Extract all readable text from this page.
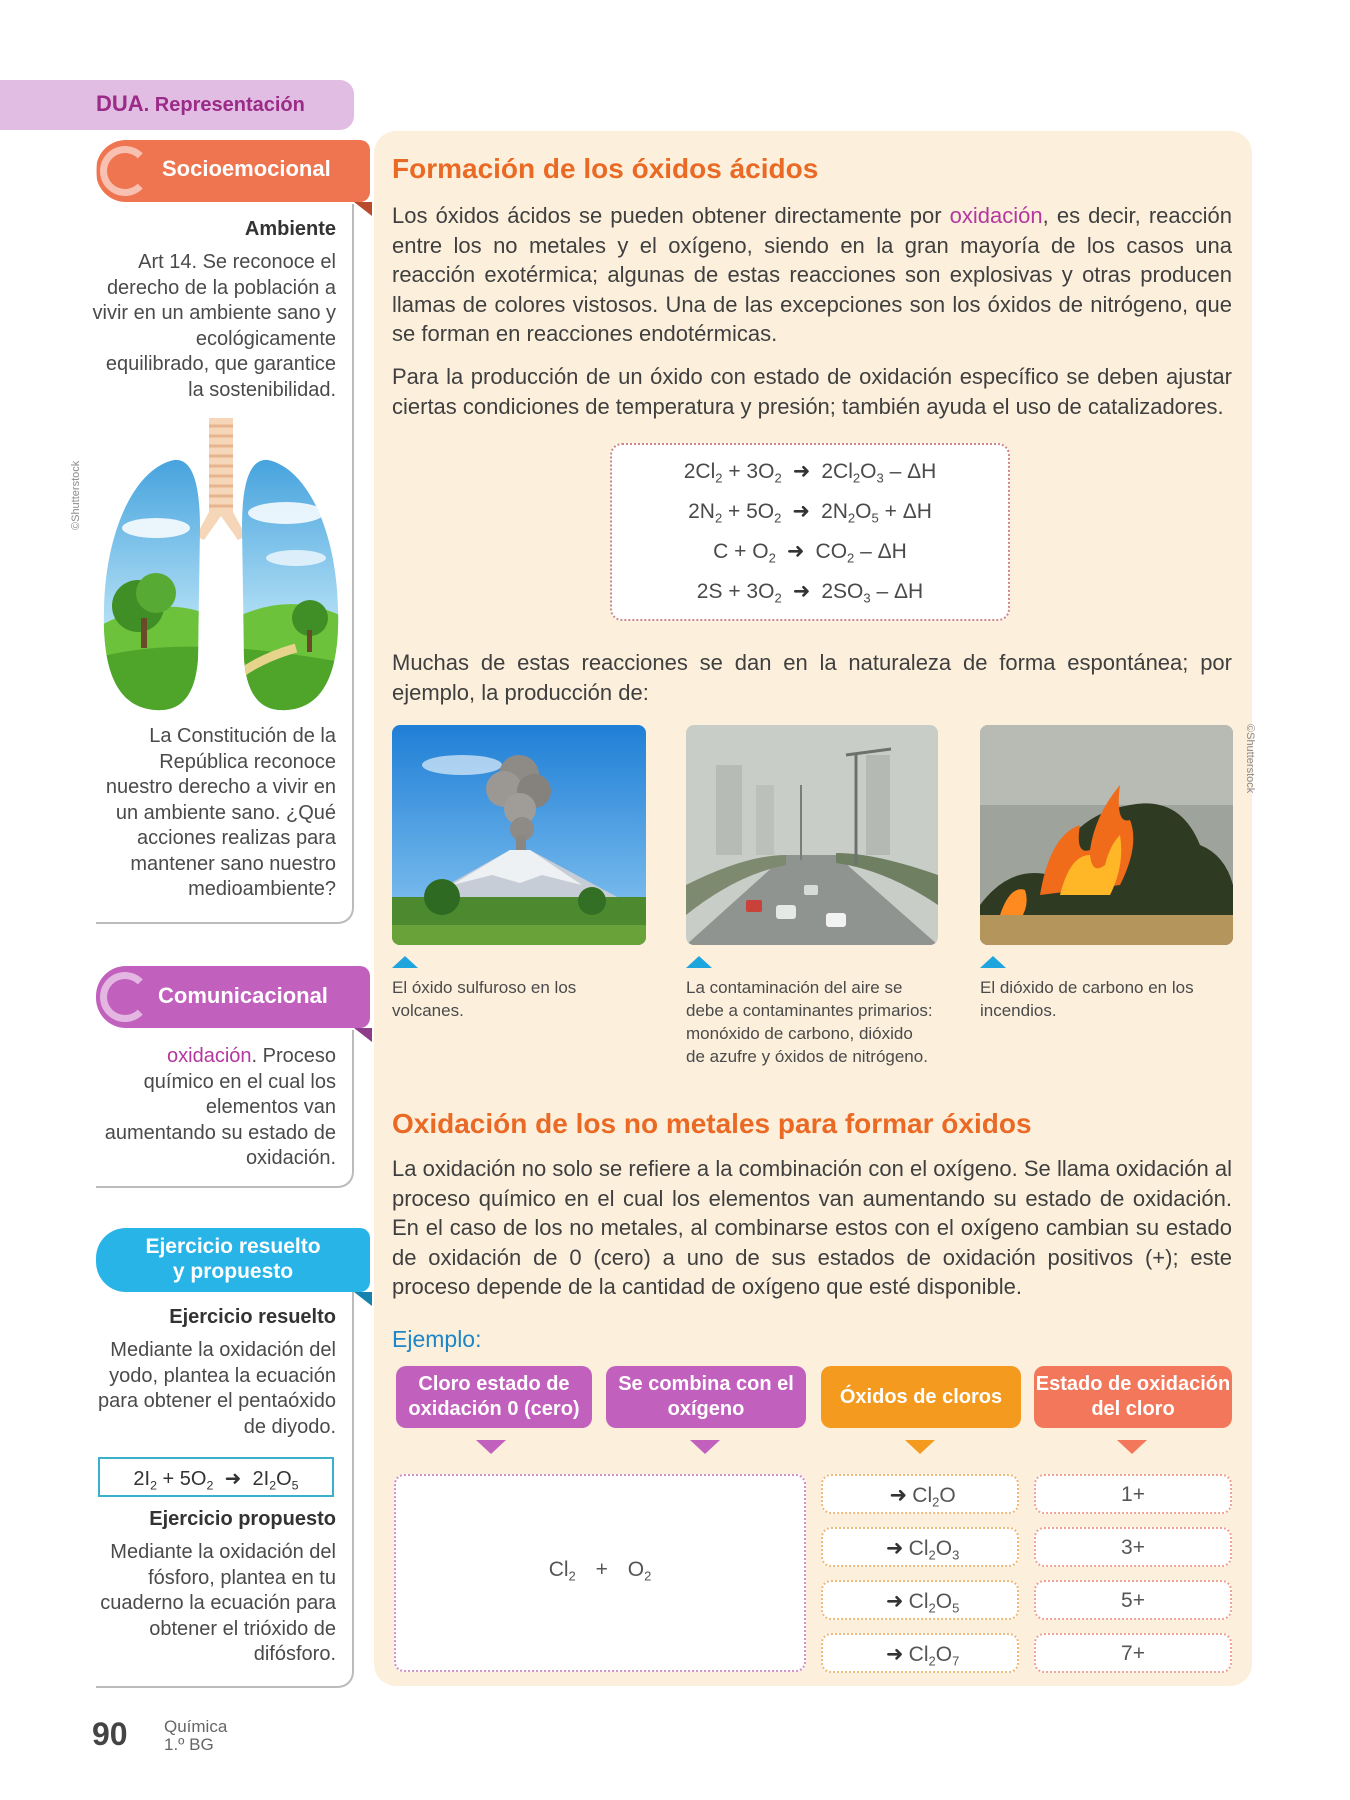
DUA. Representación
Socioemocional
Ambiente
Art 14. Se reconoce el derecho de la población a vivir en un ambiente sano y ecológicamente equilibrado, que garantice la sostenibilidad.
©Shutterstock
La Constitución de la República reconoce nuestro derecho a vivir en un ambiente sano. ¿Qué acciones realizas para mantener sano nuestro medioambiente?
Comunicacional
oxidación. Proceso químico en el cual los elementos van aumentando su estado de oxidación.
Ejercicio resuelto
y propuesto
Ejercicio resuelto
Mediante la oxidación del yodo, plantea la ecuación para obtener el pentaóxido de diyodo.
$2I_2 + 5O_2$ ➜ $2I_2O_5$
Ejercicio propuesto
Mediante la oxidación del fósforo, plantea en tu cuaderno la ecuación para obtener el trióxido de difósforo.
90 Química
1.º BG
Formación de los óxidos ácidos
Los óxidos ácidos se pueden obtener directamente por oxidación, es decir, reacción entre los no metales y el oxígeno, siendo en la gran mayoría de los casos una reacción exotérmica; algunas de estas reacciones son explosivas y otras producen llamas de colores vistosos. Una de las excepciones son los óxidos de nitrógeno, que se forman en reacciones endotérmicas.
Para la producción de un óxido con estado de oxidación específico se deben ajustar ciertas condiciones de temperatura y presión; también ayuda el uso de catalizadores.
$2Cl_2 + 3O_2$ ➜ $2Cl_2O_3$ – ΔH
$2N_2 + 5O_2$ ➜ $2N_2O_5 + \Delta H$
$C + O_2$ ➜ $CO_2$ – ΔH
$2S + 3O_2$ ➜ $2SO_3$ – ΔH
Muchas de estas reacciones se dan en la naturaleza de forma espontánea; por ejemplo, la producción de:
©Shutterstock
El óxido sulfuroso en los volcanes.
La contaminación del aire se debe a contaminantes primarios: monóxido de carbono, dióxido de azufre y óxidos de nitrógeno.
El dióxido de carbono en los incendios.
Oxidación de los no metales para formar óxidos
La oxidación no solo se refiere a la combinación con el oxígeno. Se llama oxidación al proceso químico en el cual los elementos van aumentando su estado de oxidación. En el caso de los no metales, al combinarse estos con el oxígeno cambian su estado de oxidación de 0 (cero) a uno de sus estados de oxidación positivos (+); este proceso depende de la cantidad de oxígeno que esté disponible.
Ejemplo:
Cloro estado de oxidación 0 (cero)
Se combina con el oxígeno
Óxidos de cloros
Estado de oxidación del cloro
$Cl_2 + O_2$
➜ $Cl_2O$
➜ $Cl_2O_3$
➜ $Cl_2O_5$
➜ $Cl_2O_7$
1+
3+
5+
7+
